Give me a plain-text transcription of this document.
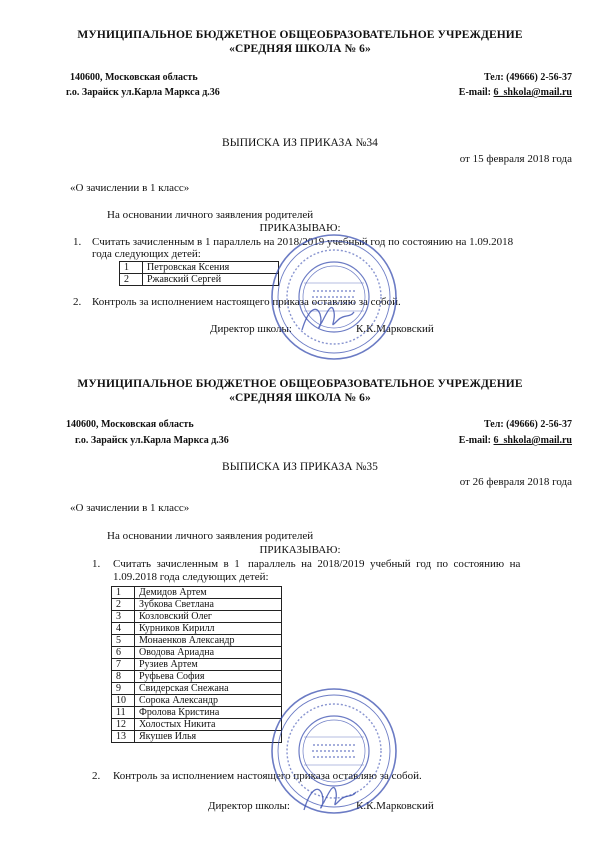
МУНИЦИПАЛЬНОЕ БЮДЖЕТНОЕ ОБЩЕОБРАЗОВАТЕЛЬНОЕ УЧРЕЖДЕНИЕ
«СРЕДНЯЯ ШКОЛА № 6»
140600, Московская область
г.о. Зарайск ул.Карла Маркса д.36
Тел: (49666) 2-56-37
E-mail: 6_shkola@mail.ru
ВЫПИСКА ИЗ ПРИКАЗА №34
от 15 февраля 2018 года
«О зачислении в 1 класс»
На основании личного заявления родителей
ПРИКАЗЫВАЮ:
1. Считать зачисленным в 1 параллель на 2018/2019 учебный год по состоянию на 1.09.2018
года следующих детей:
1	Петровская Ксения
2	Ржавский Сергей
2. Контроль за исполнением настоящего приказа оставляю за собой.
Директор школы:	К.К.Марковский
МУНИЦИПАЛЬНОЕ БЮДЖЕТНОЕ ОБЩЕОБРАЗОВАТЕЛЬНОЕ УЧРЕЖДЕНИЕ
«СРЕДНЯЯ ШКОЛА № 6»
140600, Московская область
г.о. Зарайск ул.Карла Маркса д.36
Тел: (49666) 2-56-37
E-mail: 6_shkola@mail.ru
ВЫПИСКА ИЗ ПРИКАЗА №35
от 26 февраля 2018 года
«О зачислении в 1 класс»
На основании личного заявления родителей
ПРИКАЗЫВАЮ:
1. Считать  зачисленным  в  1   параллель  на  2018/2019  учебный  год  по  состоянию  на
1.09.2018 года следующих детей:
1	Демидов Артем
2	Зубкова Светлана
3	Козловский Олег
4	Курников Кирилл
5	Монаенков Александр
6	Оводова Ариадна
7	Рузиев Артем
8	Руфьева София
9	Свидерская Снежана
10	Сорока Александр
11	Фролова Кристина
12	Холостых Никита
13	Якушев Илья
2. Контроль за исполнением настоящего приказа оставляю за собой.
Директор школы:	К.К.Марковский
